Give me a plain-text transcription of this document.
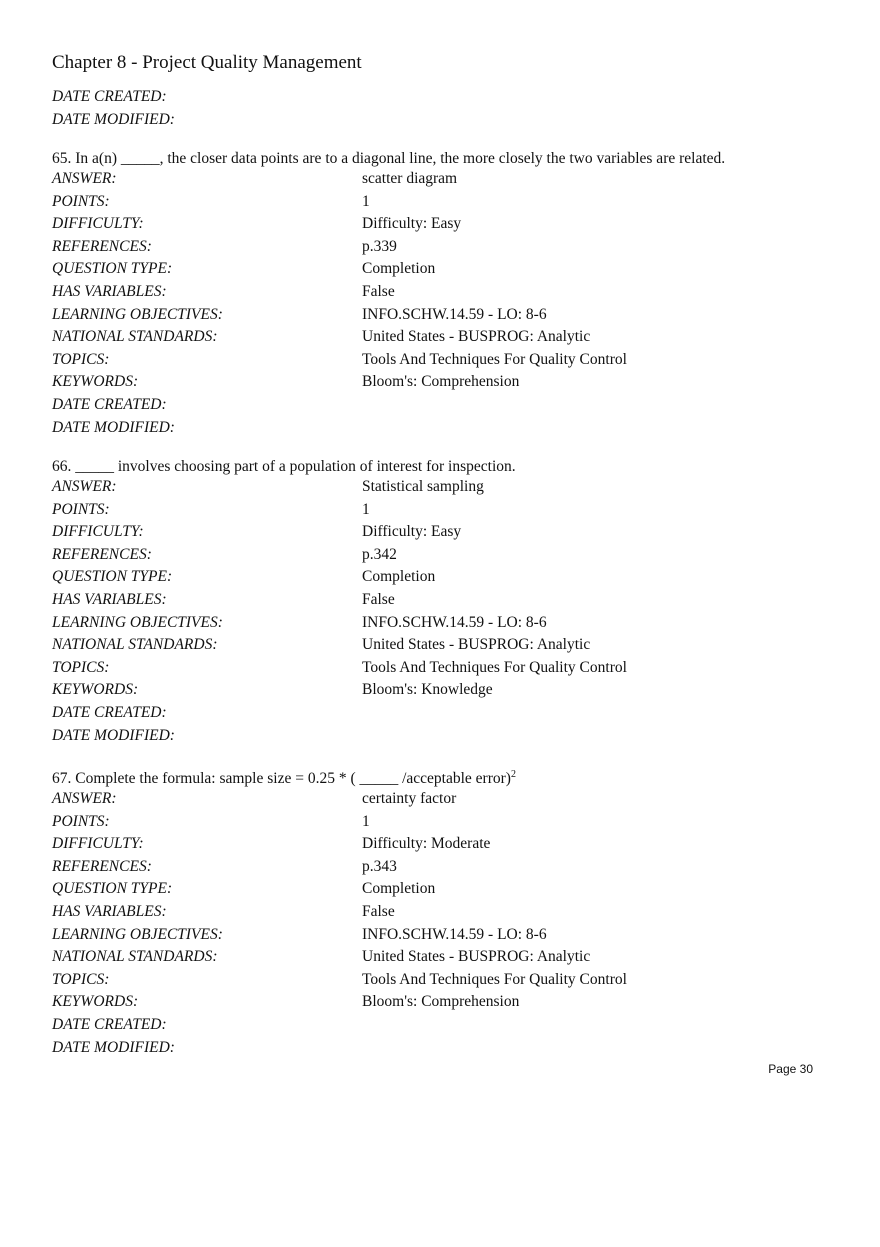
Chapter 8 - Project Quality Management
DATE CREATED:
DATE MODIFIED:
65. In a(n) _____, the closer data points are to a diagonal line, the more closely the two variables are related.
ANSWER:	scatter diagram
POINTS:	1
DIFFICULTY:	Difficulty: Easy
REFERENCES:	p.339
QUESTION TYPE:	Completion
HAS VARIABLES:	False
LEARNING OBJECTIVES:	INFO.SCHW.14.59 - LO: 8-6
NATIONAL STANDARDS:	United States - BUSPROG: Analytic
TOPICS:	Tools And Techniques For Quality Control
KEYWORDS:	Bloom's: Comprehension
DATE CREATED:
DATE MODIFIED:
66. _____ involves choosing part of a population of interest for inspection.
ANSWER:	Statistical sampling
POINTS:	1
DIFFICULTY:	Difficulty: Easy
REFERENCES:	p.342
QUESTION TYPE:	Completion
HAS VARIABLES:	False
LEARNING OBJECTIVES:	INFO.SCHW.14.59 - LO: 8-6
NATIONAL STANDARDS:	United States - BUSPROG: Analytic
TOPICS:	Tools And Techniques For Quality Control
KEYWORDS:	Bloom's: Knowledge
DATE CREATED:
DATE MODIFIED:
67. Complete the formula: sample size = 0.25 * ( _____ /acceptable error)$^2$
ANSWER:	certainty factor
POINTS:	1
DIFFICULTY:	Difficulty: Moderate
REFERENCES:	p.343
QUESTION TYPE:	Completion
HAS VARIABLES:	False
LEARNING OBJECTIVES:	INFO.SCHW.14.59 - LO: 8-6
NATIONAL STANDARDS:	United States - BUSPROG: Analytic
TOPICS:	Tools And Techniques For Quality Control
KEYWORDS:	Bloom's: Comprehension
DATE CREATED:
DATE MODIFIED:
Page 30
